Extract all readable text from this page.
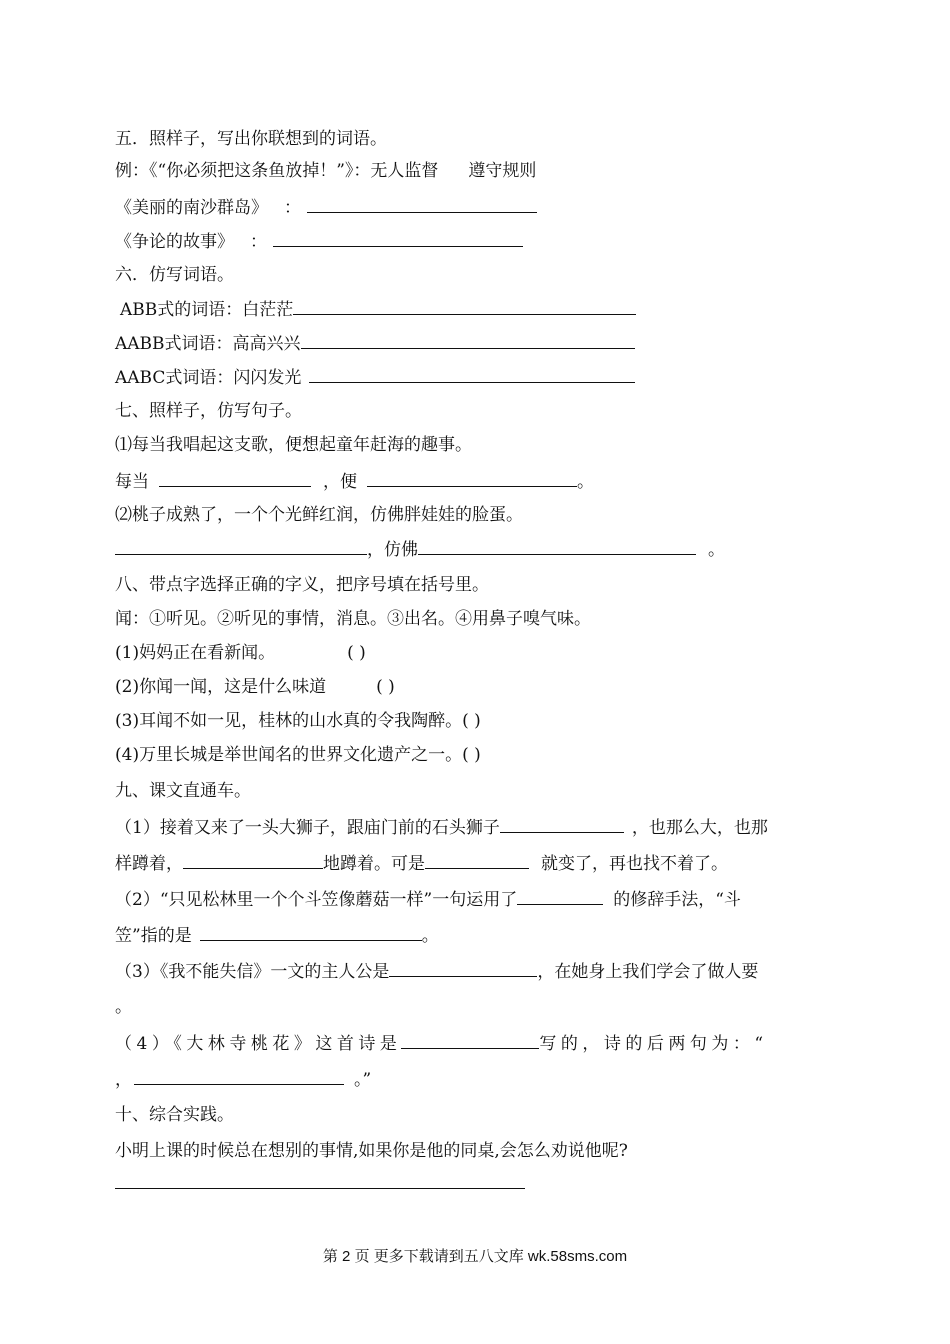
五．照样子，写出你联想到的词语。
例：《“你必须把这条鱼放掉！”》：无人监督 遵守规则
《美丽的南沙群岛》 ：
《争论的故事》 ：
六．仿写词语。
ABB式的词语：白茫茫
AABB式词语：高高兴兴
AABC式词语：闪闪发光
七、照样子，仿写句子。
⑴每当我唱起这支歌，便想起童年赶海的趣事。
每当	，便	。
⑵桃子成熟了，一个个光鲜红润，仿佛胖娃娃的脸蛋。
，仿佛	。
八、带点字选择正确的字义，把序号填在括号里。
闻：①听见。②听见的事情，消息。③出名。④用鼻子嗅气味。
(1)妈妈正在看新闻。	( )
(2)你闻一闻，这是什么味道	( )
(3)耳闻不如一见，桂林的山水真的令我陶醉。( )
(4)万里长城是举世闻名的世界文化遗产之一。( )
九、课文直通车。
（1）接着又来了一头大狮子，跟庙门前的石头狮子	，也那么大，也那
样蹲着，	地蹲着。可是	就变了，再也找不着了。
（2）“只见松林里一个个斗笠像蘑菇一样”一句运用了	的修辞手法，“斗
笠”指的是	。
（3）《我不能失信》一文的主人公是	，在她身上我们学会了做人要
。
（4）《大林寺桃花》这首诗是	写的，诗的后两句为：“
，	。”
十、综合实践。
小明上课的时候总在想别的事情,如果你是他的同桌,会怎么劝说他呢?
第 2 页 更多下载请到五八文库 wk.58sms.com
